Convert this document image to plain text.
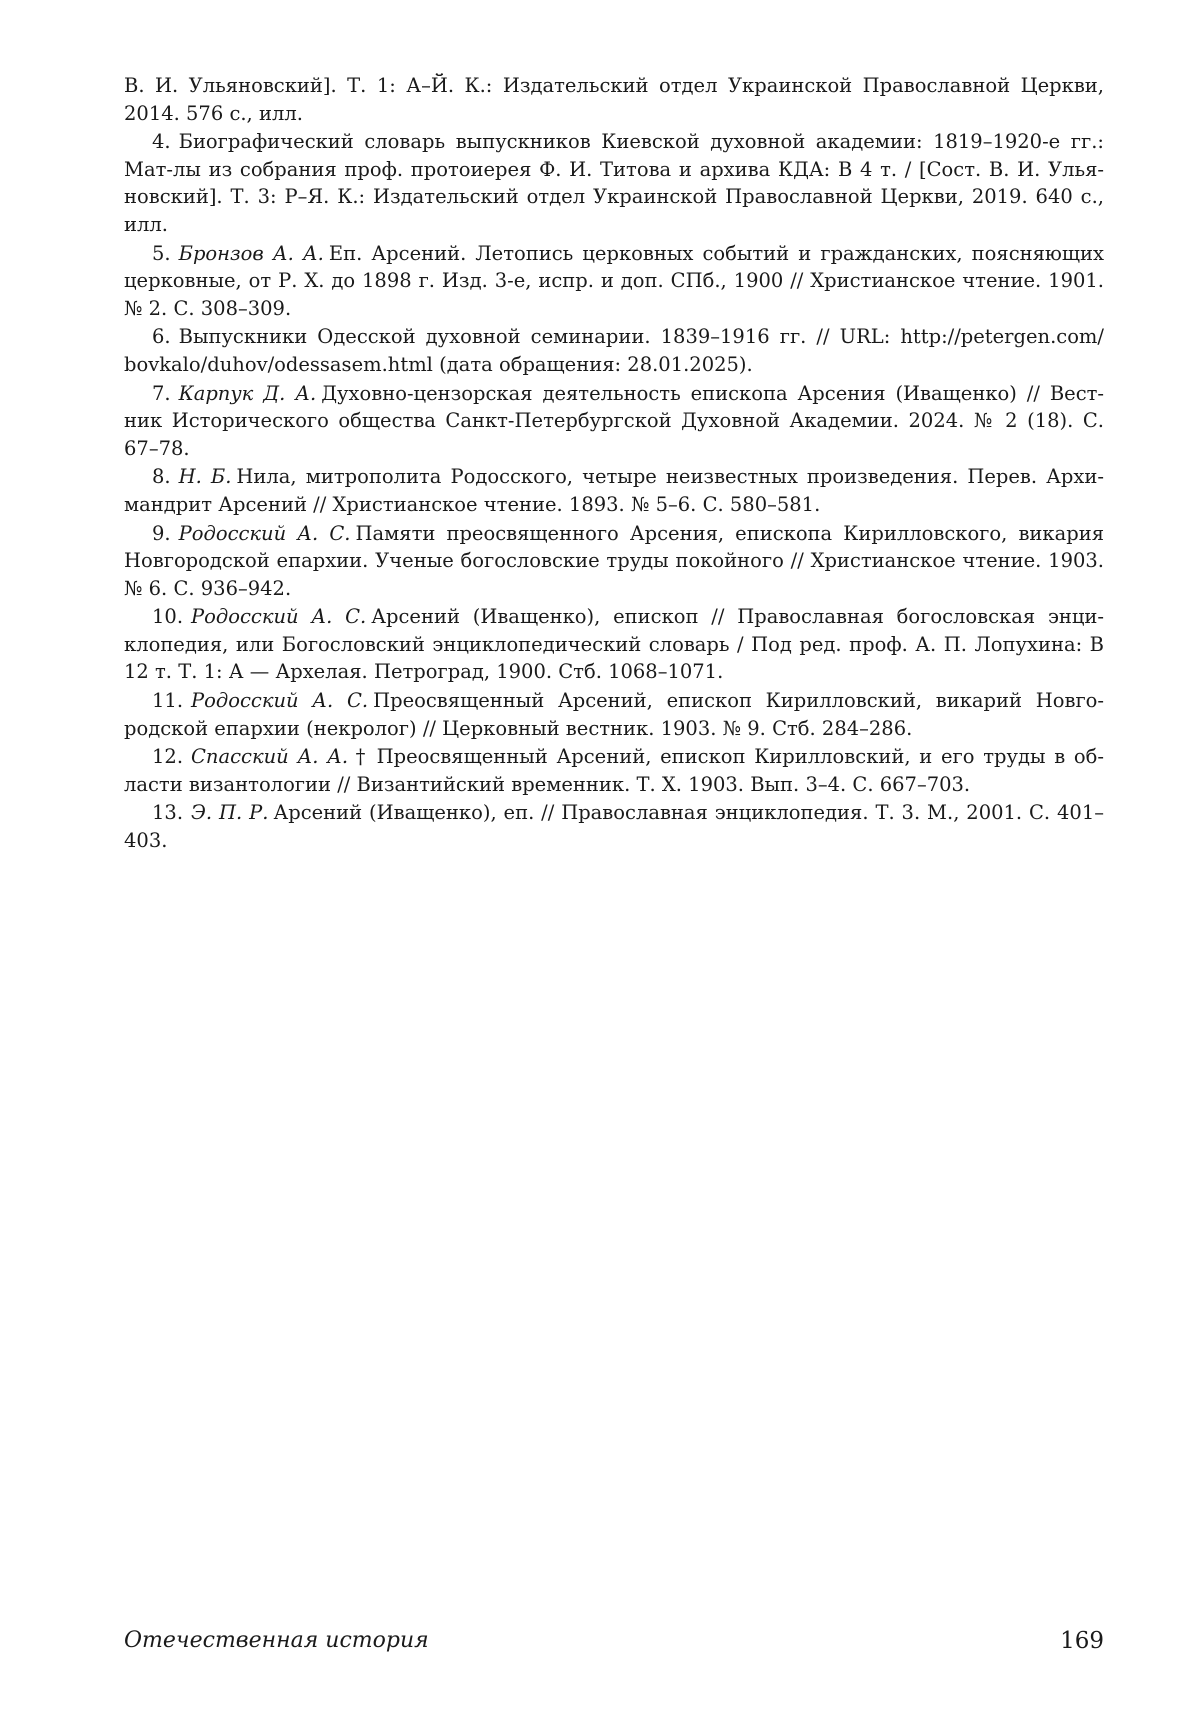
В. И. Ульяновский]. Т. 1: А–Й. К.: Издательский отдел Украинской Православной Церкви, 2014. 576 с., илл.

4. Биографический словарь выпускников Киевской духовной академии: 1819–1920-е гг.: Мат-лы из собрания проф. протоиерея Ф. И. Титова и архива КДА: В 4 т. / [Сост. В. И. Улья­новский]. Т. 3: Р–Я. К.: Издательский отдел Украинской Православной Церкви, 2019. 640 с., илл.

5. Бронзов А. А. Еп. Арсений. Летопись церковных событий и гражданских, поясняющих церковные, от Р. Х. до 1898 г. Изд. 3-е, испр. и доп. СПб., 1900 // Христианское чтение. 1901. № 2. С. 308–309.

6. Выпускники Одесской духовной семинарии. 1839–1916 гг. // URL: http://petergen.com/ bovkalo/duhov/odessasem.html (дата обращения: 28.01.2025).

7. Карпук Д. А. Духовно-цензорская деятельность епископа Арсения (Иващенко) // Вест­ник Исторического общества Санкт-Петербургской Духовной Академии. 2024. № 2 (18). С. 67–78.

8. Н. Б. Нила, митрополита Родосского, четыре неизвестных произведения. Перев. Архи­мандрит Арсений // Христианское чтение. 1893. № 5–6. С. 580–581.

9. Родосский А. С. Памяти преосвященного Арсения, епископа Кирилловского, викария Новгородской епархии. Ученые богословские труды покойного // Христианское чтение. 1903. № 6. С. 936–942.

10. Родосский А. С. Арсений (Иващенко), епископ // Православная богословская энци­клопедия, или Богословский энциклопедический словарь / Под ред. проф. А. П. Лопухина: В 12 т. Т. 1: А — Архелая. Петроград, 1900. Стб. 1068–1071.

11. Родосский А. С. Преосвященный Арсений, епископ Кирилловский, викарий Новго­родской епархии (некролог) // Церковный вестник. 1903. № 9. Стб. 284–286.

12. Спасский А. А. † Преосвященный Арсений, епископ Кирилловский, и его труды в об­ласти византологии // Византийский временник. Т. X. 1903. Вып. 3–4. С. 667–703.

13. Э. П. Р. Арсений (Иващенко), еп. // Православная энциклопедия. Т. 3. М., 2001. С. 401–403.

Отечественная история	169
